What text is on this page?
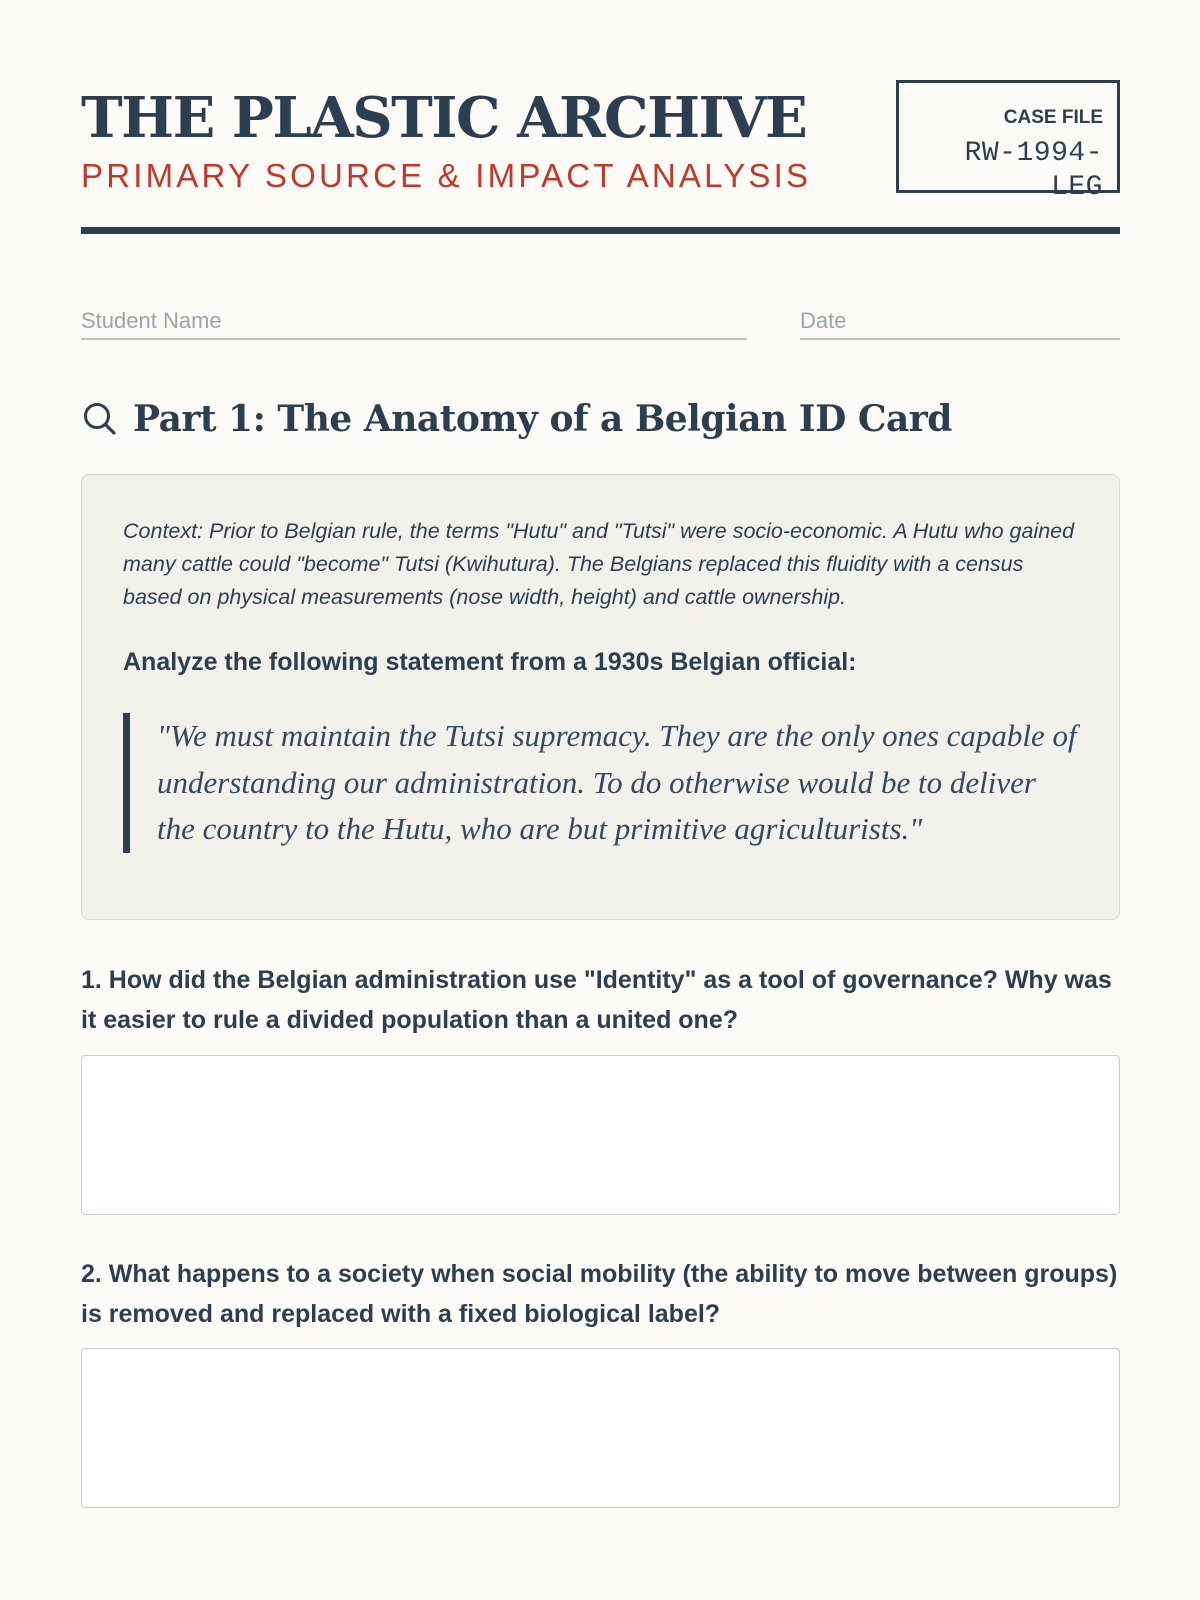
THE PLASTIC ARCHIVE
PRIMARY SOURCE & IMPACT ANALYSIS
CASE FILE
RW-1994-LEG
Student Name
Date
Part 1: The Anatomy of a Belgian ID Card

Context: Prior to Belgian rule, the terms "Hutu" and "Tutsi" were socio-economic. A Hutu who gained many cattle could "become" Tutsi (Kwihutura). The Belgians replaced this fluidity with a census based on physical measurements (nose width, height) and cattle ownership.

Analyze the following statement from a 1930s Belgian official:

"We must maintain the Tutsi supremacy. They are the only ones capable of understanding our administration. To do otherwise would be to deliver the country to the Hutu, who are but primitive agriculturists."

1. How did the Belgian administration use "Identity" as a tool of governance? Why was it easier to rule a divided population than a united one?

2. What happens to a society when social mobility (the ability to move between groups) is removed and replaced with a fixed biological label?
